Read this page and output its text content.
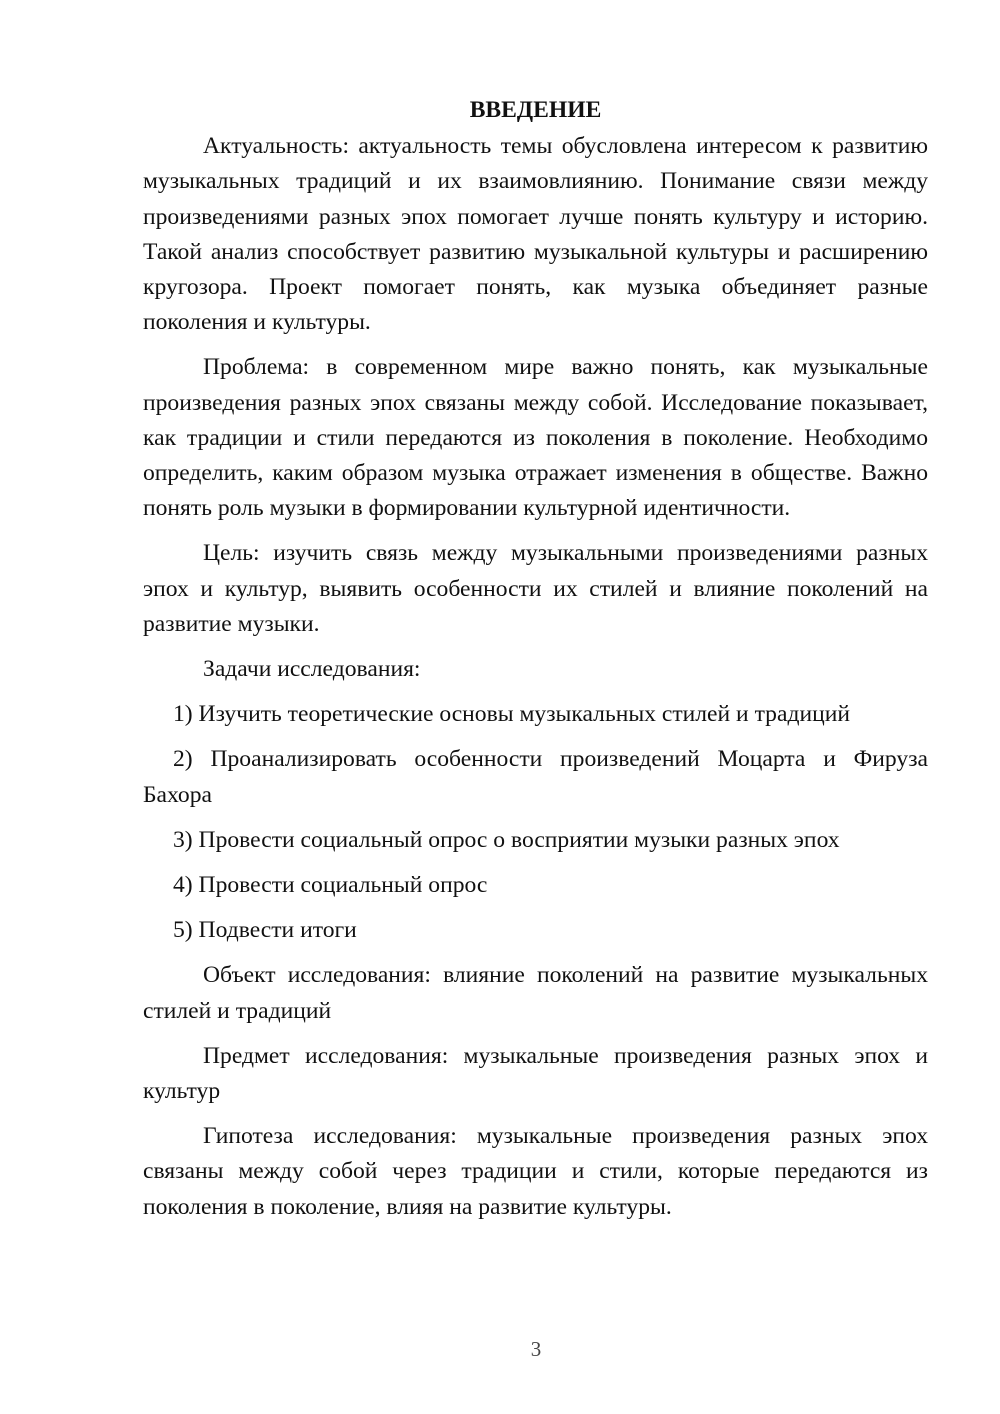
ВВЕДЕНИЕ

Актуальность: актуальность темы обусловлена интересом к развитию музыкальных традиций и их взаимовлиянию. Понимание связи между произведениями разных эпох помогает лучше понять культуру и историю. Такой анализ способствует развитию музыкальной культуры и расширению кругозора. Проект помогает понять, как музыка объединяет разные поколения и культуры.

Проблема: в современном мире важно понять, как музыкальные произведения разных эпох связаны между собой. Исследование показывает, как традиции и стили передаются из поколения в поколение. Необходимо определить, каким образом музыка отражает изменения в обществе. Важно понять роль музыки в формировании культурной идентичности.

Цель: изучить связь между музыкальными произведениями разных эпох и культур, выявить особенности их стилей и влияние поколений на развитие музыки.

Задачи исследования:

1) Изучить теоретические основы музыкальных стилей и традиций

2) Проанализировать особенности произведений Моцарта и Фируза Бахора

3) Провести социальный опрос о восприятии музыки разных эпох

4) Провести социальный опрос

5) Подвести итоги

Объект исследования: влияние поколений на развитие музыкальных стилей и традиций

Предмет исследования: музыкальные произведения разных эпох и культур

Гипотеза исследования: музыкальные произведения разных эпох связаны между собой через традиции и стили, которые передаются из поколения в поколение, влияя на развитие культуры.

3
